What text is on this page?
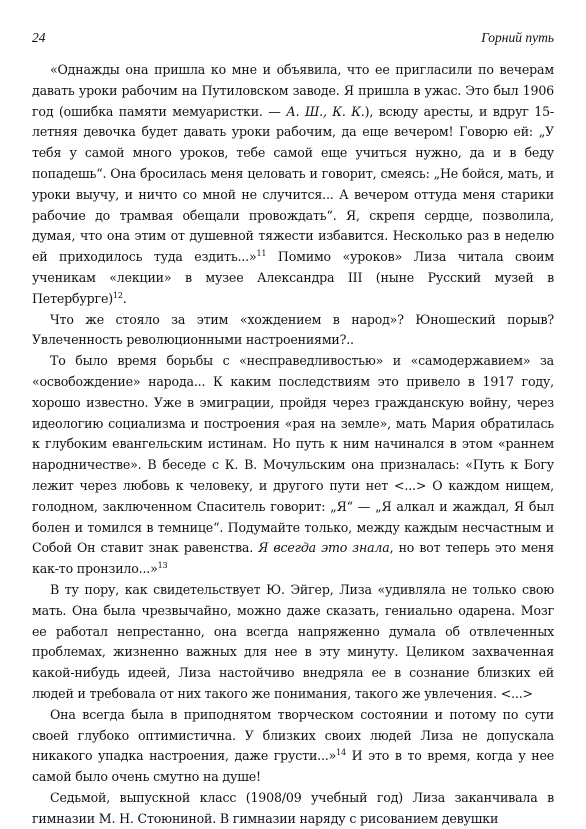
24	Горний путь

«Однажды она пришла ко мне и объявила, что ее пригласили по вечерам давать уроки рабочим на Путиловском заводе. Я пришла в ужас. Это был 1906 год (ошибка памяти мемуаристки. — А. Ш., К. К.), всюду аресты, и вдруг 15-летняя девочка будет давать уроки рабочим, да еще вечером! Говорю ей: „У тебя у самой много уроков, тебе самой еще учиться нужно, да и в беду попадешь“. Она бросилась меня целовать и говорит, смеясь: „Не бойся, мать, и уроки выучу, и ничто со мной не случится... А вечером оттуда меня старики рабочие до трамвая обещали провождать“. Я, скрепя сердце, позволила, думая, что она этим от душевной тяжести избавится. Несколько раз в неделю ей приходилось туда ездить...»$^{11}$ Помимо «уроков» Лиза читала своим ученикам «лекции» в музее Александра III (ныне Русский музей в Петербурге)$^{12}$.

Что же стояло за этим «хождением в народ»? Юношеский порыв? Увлеченность революционными настроениями?..

То было время борьбы с «несправедливостью» и «самодержавием» за «освобождение» народа... К каким последствиям это привело в 1917 году, хорошо известно. Уже в эмиграции, пройдя через гражданскую войну, через идеологию социализма и построения «рая на земле», мать Мария обратилась к глубоким евангельским истинам. Но путь к ним начинался в этом «раннем народничестве». В беседе с К. В. Мочульским она призналась: «Путь к Богу лежит через любовь к человеку, и другого пути нет <...> О каждом нищем, голодном, заключенном Спаситель говорит: „Я“ — „Я алкал и жаждал, Я был болен и томился в темнице“. Подумайте только, между каждым несчастным и Собой Он ставит знак равенства. Я всегда это знала, но вот теперь это меня как-то пронзило...»$^{13}$

В ту пору, как свидетельствует Ю. Эйгер, Лиза «удивляла не только свою мать. Она была чрезвычайно, можно даже сказать, гениально одарена. Мозг ее работал непрестанно, она всегда напряженно думала об отвлеченных проблемах, жизненно важных для нее в эту минуту. Целиком захваченная какой-нибудь идеей, Лиза настойчиво внедряла ее в сознание близких ей людей и требовала от них такого же понимания, такого же увлечения. <...>

Она всегда была в приподнятом творческом состоянии и потому по сути своей глубоко оптимистична. У близких своих людей Лиза не допускала никакого упадка настроения, даже грусти...»$^{14}$ И это в то время, когда у нее самой было очень смутно на душе!

Седьмой, выпускной класс (1908/09 учебный год) Лиза заканчивала в гимназии М. Н. Стоюниной. В гимназии наряду с рисованием девушки
